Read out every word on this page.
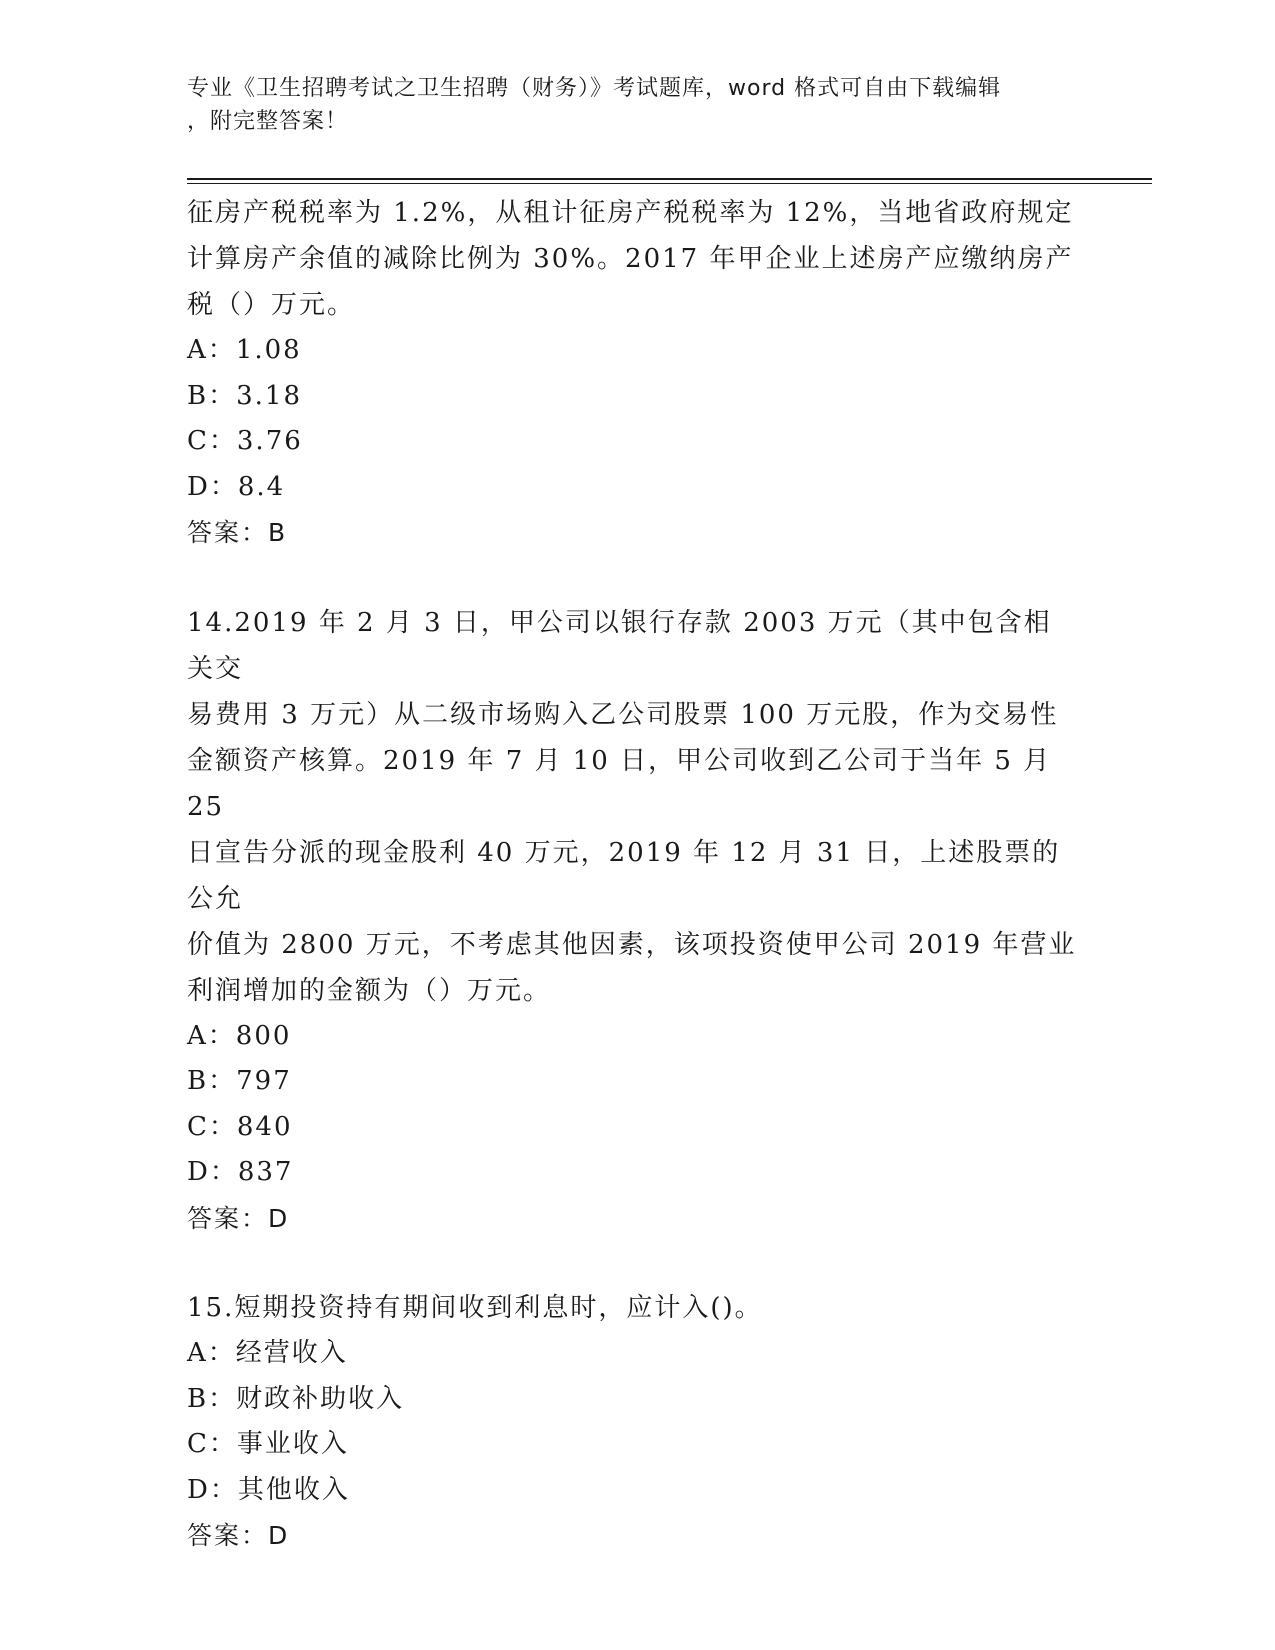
专业《卫生招聘考试之卫生招聘（财务）》考试题库，word 格式可自由下载编辑
，附完整答案！

征房产税税率为 1.2%，从租计征房产税税率为 12%，当地省政府规定

计算房产余值的减除比例为 30%。2017 年甲企业上述房产应缴纳房产

税（）万元。

A：1.08

B：3.18

C：3.76

D：8.4

答案：B

14.2019 年 2 月 3 日，甲公司以银行存款 2003 万元（其中包含相关交

易费用 3 万元）从二级市场购入乙公司股票 100 万元股，作为交易性

金额资产核算。2019 年 7 月 10 日，甲公司收到乙公司于当年 5 月 25

日宣告分派的现金股利 40 万元，2019 年 12 月 31 日，上述股票的公允

价值为 2800 万元，不考虑其他因素，该项投资使甲公司 2019 年营业

利润增加的金额为（）万元。

A：800

B：797

C：840

D：837

答案：D

15.短期投资持有期间收到利息时，应计入()。

A：经营收入

B：财政补助收入

C：事业收入

D：其他收入

答案：D
